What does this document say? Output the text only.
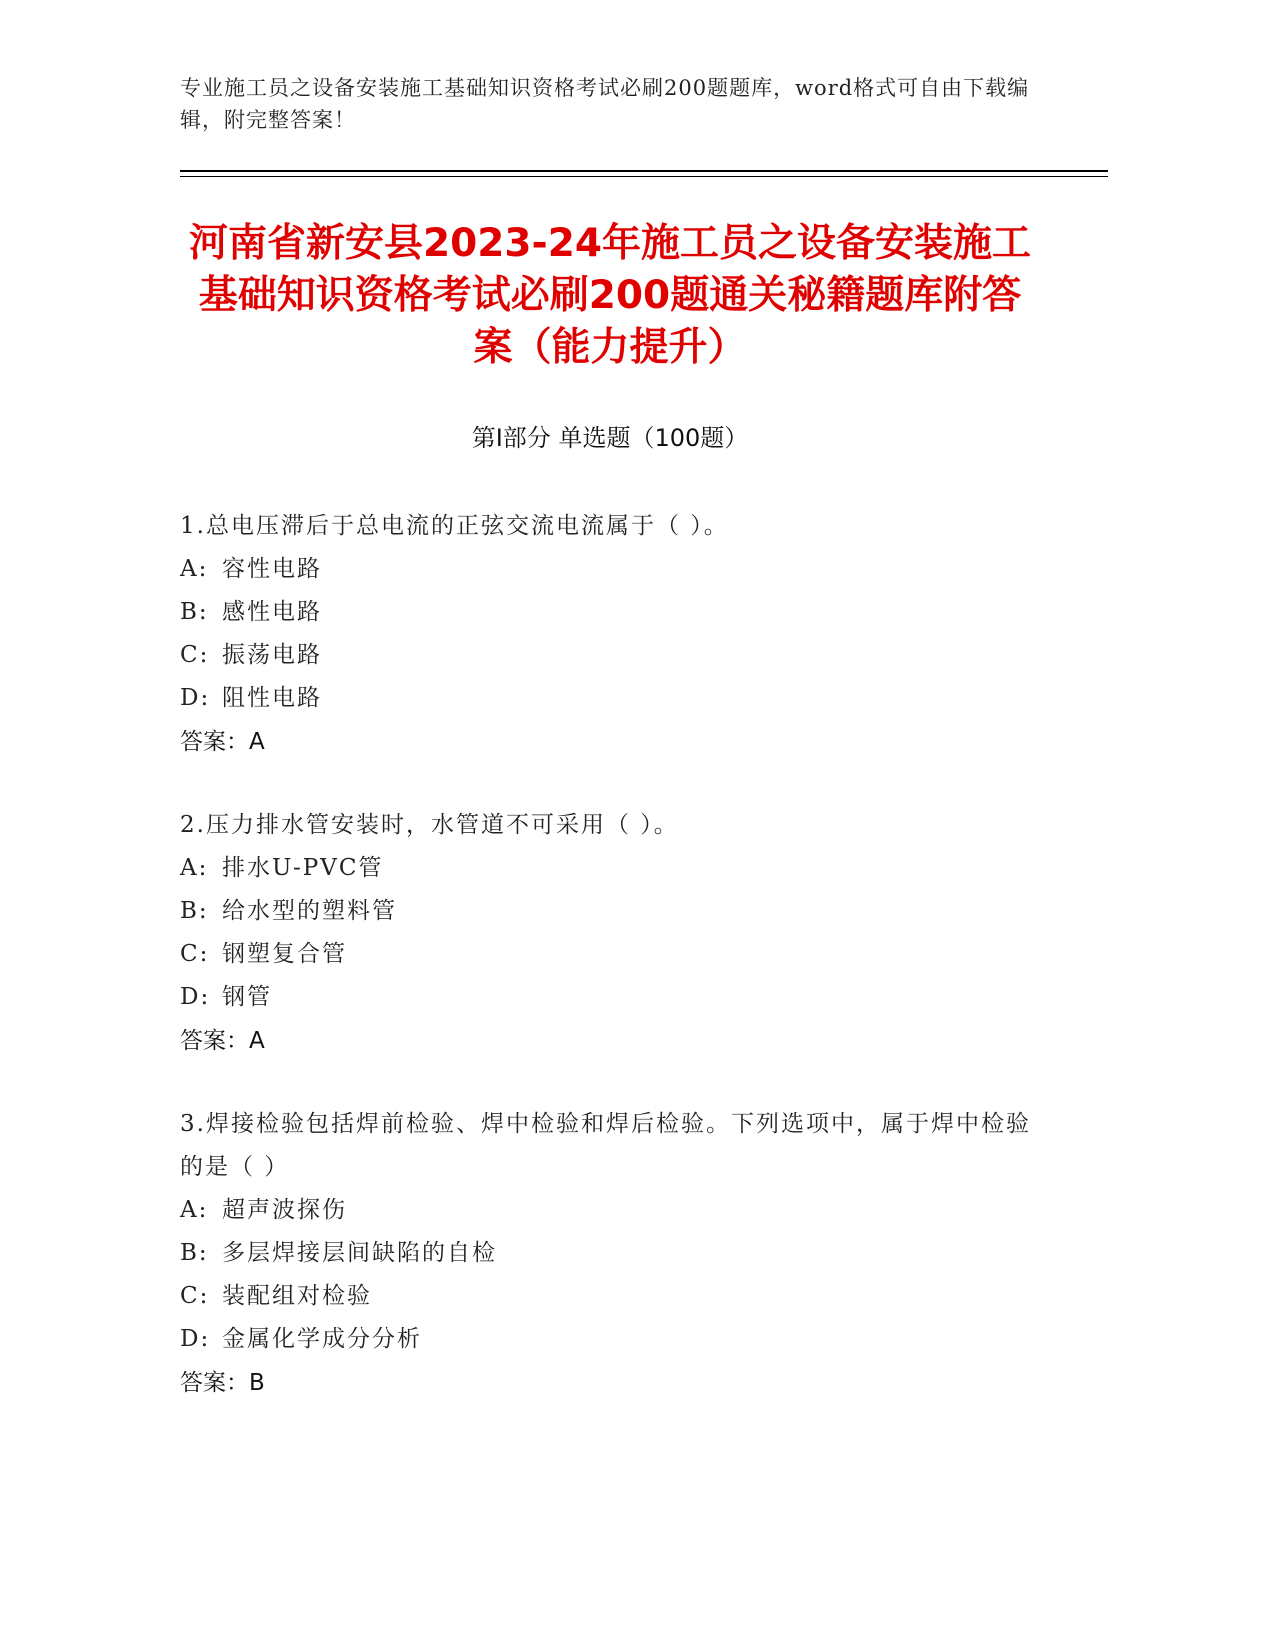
专业施工员之设备安装施工基础知识资格考试必刷200题题库，word格式可自由下载编辑，附完整答案！
河南省新安县2023-24年施工员之设备安装施工基础知识资格考试必刷200题通关秘籍题库附答案（能力提升）
第Ⅰ部分 单选题（100题）

1.总电压滞后于总电流的正弦交流电流属于（ ）。

A: 容性电路

B: 感性电路

C: 振荡电路

D: 阻性电路

答案：A

2.压力排水管安装时，水管道不可采用（ ）。

A: 排水U-PVC管

B: 给水型的塑料管

C: 钢塑复合管

D: 钢管

答案：A

3.焊接检验包括焊前检验、焊中检验和焊后检验。下列选项中，属于焊中检验的是（ ）

A: 超声波探伤

B: 多层焊接层间缺陷的自检

C: 装配组对检验

D: 金属化学成分分析

答案：B
